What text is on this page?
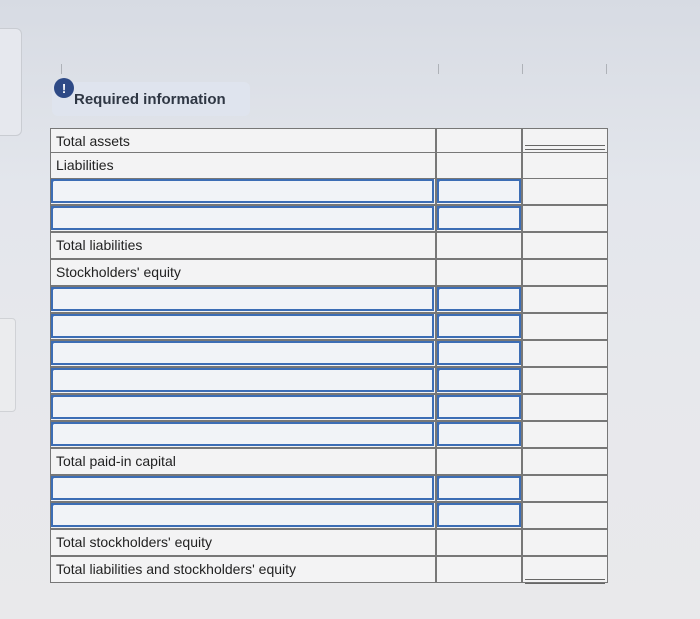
!
Required information
Total assets
Liabilities
Total liabilities
Stockholders' equity
Total paid-in capital
Total stockholders' equity
Total liabilities and stockholders' equity
